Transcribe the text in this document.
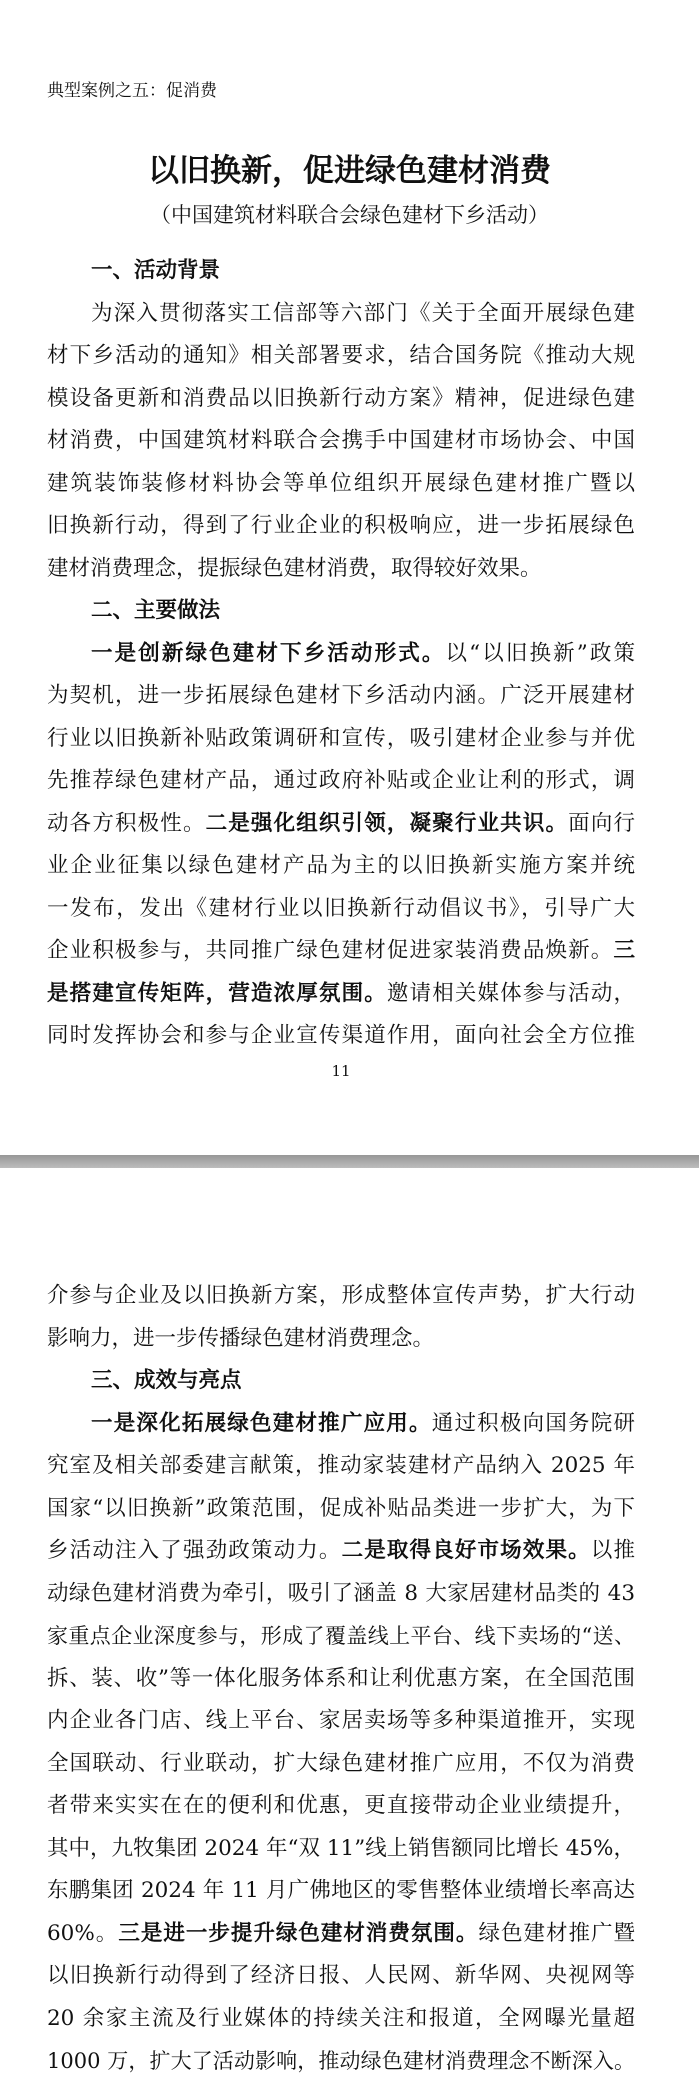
典型案例之五：促消费
以旧换新，促进绿色建材消费
（中国建筑材料联合会绿色建材下乡活动）
一、活动背景
为深入贯彻落实工信部等六部门《关于全面开展绿色建
材下乡活动的通知》相关部署要求，结合国务院《推动大规
模设备更新和消费品以旧换新行动方案》精神，促进绿色建
材消费，中国建筑材料联合会携手中国建材市场协会、中国
建筑装饰装修材料协会等单位组织开展绿色建材推广暨以
旧换新行动，得到了行业企业的积极响应，进一步拓展绿色
建材消费理念，提振绿色建材消费，取得较好效果。
二、主要做法
一是创新绿色建材下乡活动形式。以“以旧换新”政策
为契机，进一步拓展绿色建材下乡活动内涵。广泛开展建材
行业以旧换新补贴政策调研和宣传，吸引建材企业参与并优
先推荐绿色建材产品，通过政府补贴或企业让利的形式，调
动各方积极性。二是强化组织引领，凝聚行业共识。面向行
业企业征集以绿色建材产品为主的以旧换新实施方案并统
一发布，发出《建材行业以旧换新行动倡议书》，引导广大
企业积极参与，共同推广绿色建材促进家装消费品焕新。三
是搭建宣传矩阵，营造浓厚氛围。邀请相关媒体参与活动，
同时发挥协会和参与企业宣传渠道作用，面向社会全方位推
11
介参与企业及以旧换新方案，形成整体宣传声势，扩大行动
影响力，进一步传播绿色建材消费理念。
三、成效与亮点
一是深化拓展绿色建材推广应用。通过积极向国务院研
究室及相关部委建言献策，推动家装建材产品纳入 2025 年
国家“以旧换新”政策范围，促成补贴品类进一步扩大，为下
乡活动注入了强劲政策动力。二是取得良好市场效果。以推
动绿色建材消费为牵引，吸引了涵盖 8 大家居建材品类的 43
家重点企业深度参与，形成了覆盖线上平台、线下卖场的“送、
拆、装、收”等一体化服务体系和让利优惠方案，在全国范围
内企业各门店、线上平台、家居卖场等多种渠道推开，实现
全国联动、行业联动，扩大绿色建材推广应用，不仅为消费
者带来实实在在的便利和优惠，更直接带动企业业绩提升，
其中，九牧集团 2024 年“双 11”线上销售额同比增长 45%，
东鹏集团 2024 年 11 月广佛地区的零售整体业绩增长率高达
60%。三是进一步提升绿色建材消费氛围。绿色建材推广暨
以旧换新行动得到了经济日报、人民网、新华网、央视网等
20 余家主流及行业媒体的持续关注和报道，全网曝光量超
1000 万，扩大了活动影响，推动绿色建材消费理念不断深入。
